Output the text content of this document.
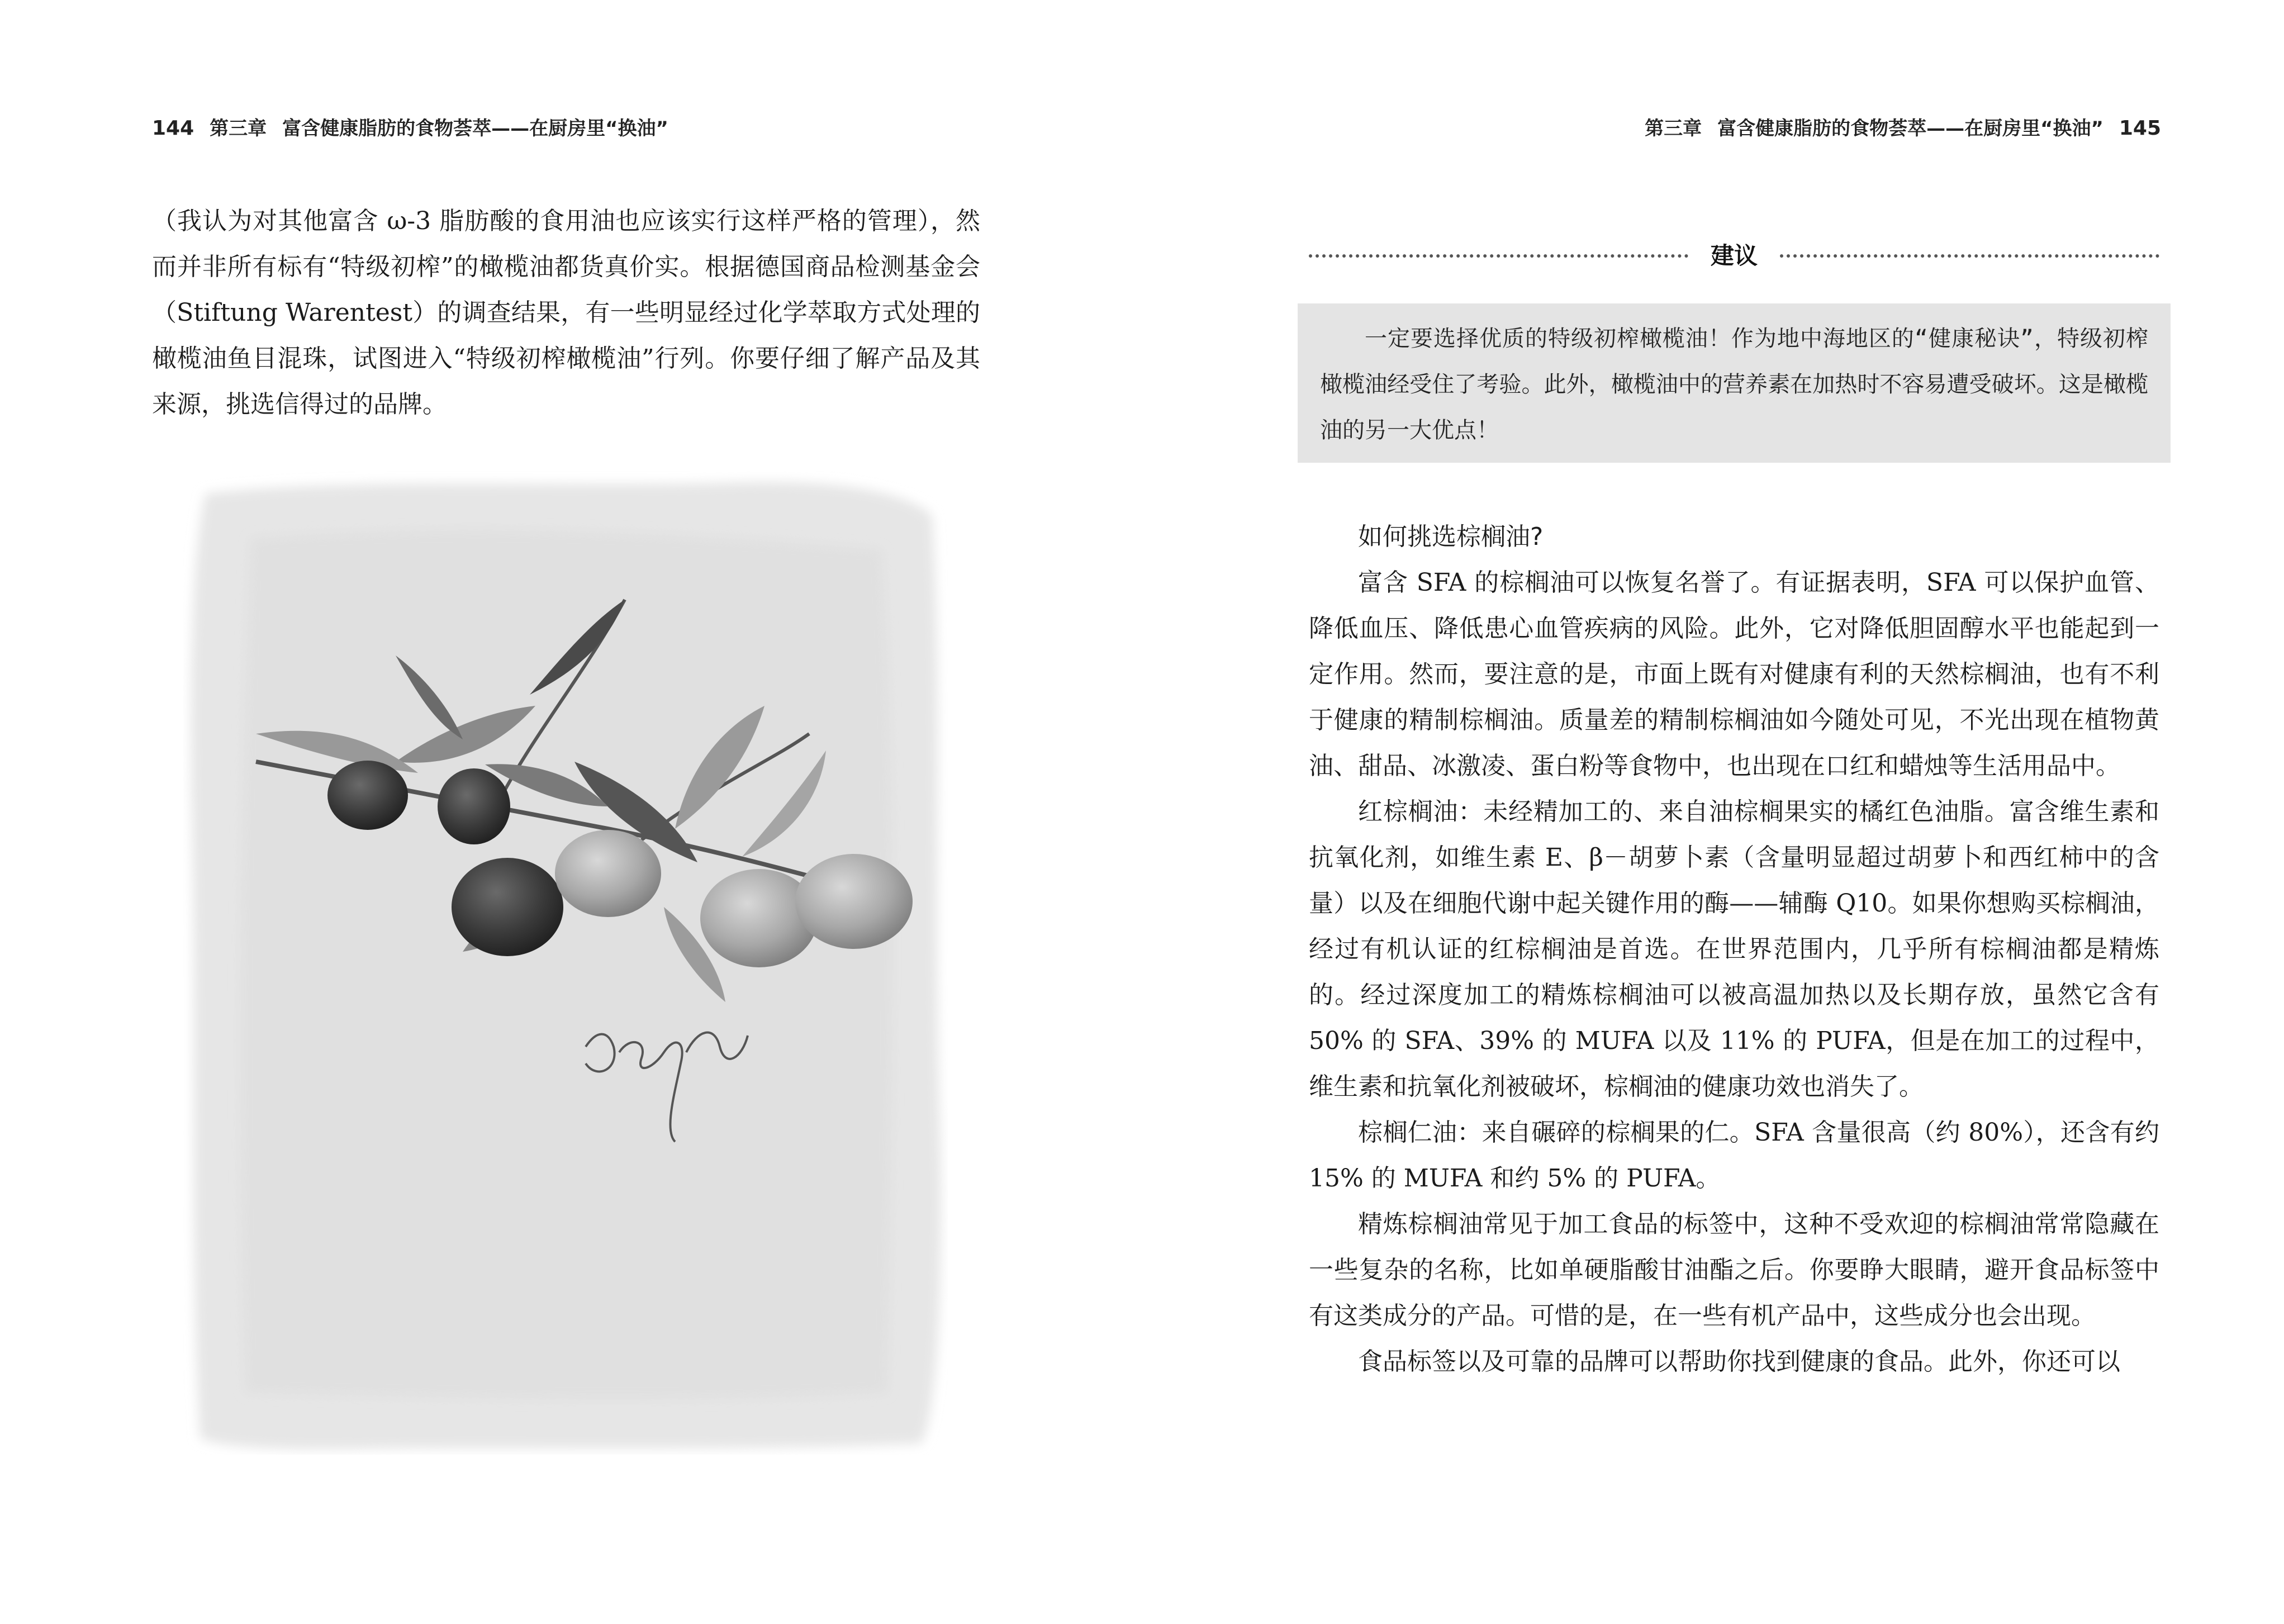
144 第三章 富含健康脂肪的食物荟萃——在厨房里“换油”

（我认为对其他富含 ω-3 脂肪酸的食用油也应该实行这样严格的管理），然而并非所有标有“特级初榨”的橄榄油都货真价实。根据德国商品检测基金会（Stiftung Warentest）的调查结果，有一些明显经过化学萃取方式处理的橄榄油鱼目混珠，试图进入“特级初榨橄榄油”行列。你要仔细了解产品及其来源，挑选信得过的品牌。

第三章 富含健康脂肪的食物荟萃——在厨房里“换油” 145
建议

一定要选择优质的特级初榨橄榄油！作为地中海地区的“健康秘诀”，特级初榨橄榄油经受住了考验。此外，橄榄油中的营养素在加热时不容易遭受破坏。这是橄榄油的另一大优点！

如何挑选棕榈油?

富含 SFA 的棕榈油可以恢复名誉了。有证据表明，SFA 可以保护血管、降低血压、降低患心血管疾病的风险。此外，它对降低胆固醇水平也能起到一定作用。然而，要注意的是，市面上既有对健康有利的天然棕榈油，也有不利于健康的精制棕榈油。质量差的精制棕榈油如今随处可见，不光出现在植物黄油、甜品、冰激凌、蛋白粉等食物中，也出现在口红和蜡烛等生活用品中。

红棕榈油：未经精加工的、来自油棕榈果实的橘红色油脂。富含维生素和抗氧化剂，如维生素 E、β－胡萝卜素（含量明显超过胡萝卜和西红柿中的含量）以及在细胞代谢中起关键作用的酶——辅酶 Q10。如果你想购买棕榈油，经过有机认证的红棕榈油是首选。在世界范围内，几乎所有棕榈油都是精炼的。经过深度加工的精炼棕榈油可以被高温加热以及长期存放，虽然它含有 50% 的 SFA、39% 的 MUFA 以及 11% 的 PUFA，但是在加工的过程中，维生素和抗氧化剂被破坏，棕榈油的健康功效也消失了。

棕榈仁油：来自碾碎的棕榈果的仁。SFA 含量很高（约 80%），还含有约 15% 的 MUFA 和约 5% 的 PUFA。

精炼棕榈油常见于加工食品的标签中，这种不受欢迎的棕榈油常常隐藏在一些复杂的名称，比如单硬脂酸甘油酯之后。你要睁大眼睛，避开食品标签中有这类成分的产品。可惜的是，在一些有机产品中，这些成分也会出现。

食品标签以及可靠的品牌可以帮助你找到健康的食品。此外，你还可以
